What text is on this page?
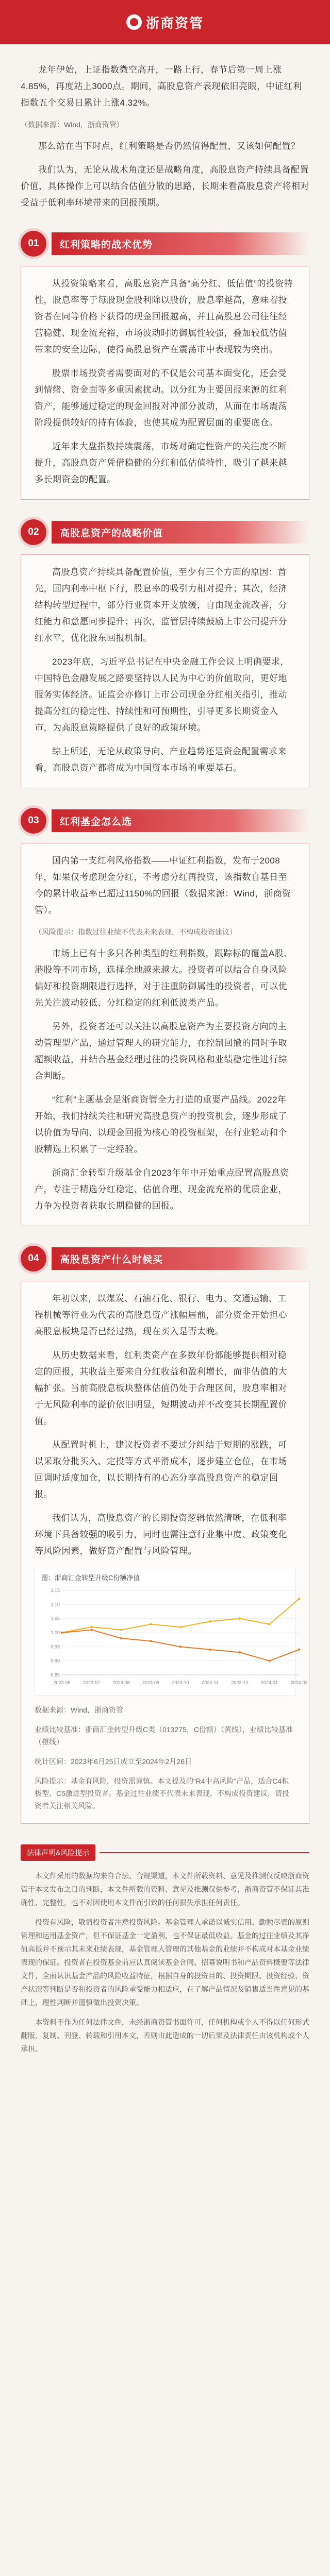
浙商资管

龙年伊始，上证指数微空高开，一路上行，春节后第一周上涨4.85%，再度站上3000点。期间，高股息资产表现依旧亮眼，中证红利指数五个交易日累计上涨4.32%。

（数据来源：Wind，浙商资管）

那么站在当下时点，红利策略是否仍然值得配置，又该如何配置？

我们认为，无论从战术角度还是战略角度，高股息资产持续具备配置价值，具体操作上可以结合估值分散的思路，长期来看高股息资产将相对受益于低利率环境带来的回报预期。

01	红利策略的战术优势

从投资策略来看，高股息资产具备“高分红、低估值”的投资特性，股息率等于每股现金股利除以股价，股息率越高，意味着投资者在同等价格下获得的现金回报越高，并且高股息公司往往经营稳健、现金流充裕，市场波动时防御属性较强，叠加较低估值带来的安全边际，使得高股息资产在震荡市中表现较为突出。

股票市场投资者需要面对的不仅是公司基本面变化，还会受到情绪、资金面等多重因素扰动。以分红为主要回报来源的红利资产，能够通过稳定的现金回报对冲部分波动，从而在市场震荡阶段提供较好的持有体验，也使其成为配置层面的重要底仓。

近年来大盘指数持续震荡，市场对确定性资产的关注度不断提升，高股息资产凭借稳健的分红和低估值特性，吸引了越来越多长期资金的配置。

02	高股息资产的战略价值

高股息资产持续具备配置价值，至少有三个方面的原因：首先，国内利率中枢下行，股息率的吸引力相对提升；其次，经济结构转型过程中，部分行业资本开支放缓，自由现金流改善，分红能力和意愿同步提升；再次，监管层持续鼓励上市公司提升分红水平，优化股东回报机制。

2023年底，习近平总书记在中央金融工作会议上明确要求，中国特色金融发展之路要坚持以人民为中心的价值取向，更好地服务实体经济。证监会亦修订上市公司现金分红相关指引，推动提高分红的稳定性、持续性和可预期性，引导更多长期资金入市，为高股息策略提供了良好的政策环境。

综上所述，无论从政策导向、产业趋势还是资金配置需求来看，高股息资产都将成为中国资本市场的重要基石。

03	红利基金怎么选

国内第一支红利风格指数——中证红利指数，发布于2008年，如果仅考虑现金分红，不考虑分红再投资，该指数自基日至今的累计收益率已超过1150%的回报（数据来源：Wind，浙商资管）。

（风险提示：指数过往业绩不代表未来表现，不构成投资建议）

市场上已有十多只各种类型的红利指数，跟踪标的覆盖A股、港股等不同市场，选择余地越来越大。投资者可以结合自身风险偏好和投资期限进行选择，对于注重防御属性的投资者，可以优先关注波动较低、分红稳定的红利低波类产品。

另外，投资者还可以关注以高股息资产为主要投资方向的主动管理型产品，通过管理人的研究能力，在控制回撤的同时争取超额收益，并结合基金经理过往的投资风格和业绩稳定性进行综合判断。

“红利”主题基金是浙商资管全力打造的重要产品线。2022年开始，我们持续关注和研究高股息资产的投资机会，逐步形成了以价值为导向、以现金回报为核心的投资框架，在行业轮动和个股精选上积累了一定经验。

浙商汇金转型升级基金自2023年年中开始重点配置高股息资产，专注于精选分红稳定、估值合理、现金流充裕的优质企业，力争为投资者获取长期稳健的回报。

04	高股息资产什么时候买

年初以来，以煤炭、石油石化、银行、电力、交通运输、工程机械等行业为代表的高股息资产涨幅居前，部分资金开始担心高股息板块是否已经过热，现在买入是否太晚。

从历史数据来看，红利类资产在多数年份都能够提供相对稳定的回报，其收益主要来自分红收益和盈利增长，而非估值的大幅扩张。当前高股息板块整体估值仍处于合理区间，股息率相对于无风险利率的溢价依旧明显，短期波动并不改变其长期配置价值。

从配置时机上，建议投资者不要过分纠结于短期的涨跌，可以采取分批买入、定投等方式平滑成本，逐步建立仓位，在市场回调时适度加仓，以长期持有的心态分享高股息资产的稳定回报。

我们认为，高股息资产的长期投资逻辑依然清晰，在低利率环境下具备较强的吸引力，同时也需注意行业集中度、政策变化等风险因素，做好资产配置与风险管理。

图：浙商汇金转型升级C份额净值
0.85
0.90
0.95
1.00
1.05
1.10
1.15
2023-06	2023-07	2023-08	2023-09	2023-10	2023-11	2023-12	2024-01	2024-02

数据来源：Wind，浙商资管

业绩比较基准：浙商汇金转型升级C类（013275，C份额）（黄线），业绩比较基准（橙线）

统计区间：2023年6月25日成立至2024年2月26日

风险提示：基金有风险，投资需谨慎。本文提及的“R4中高风险”产品，适合C4积极型、C5激进型投资者。基金过往业绩不代表未来表现，不构成投资建议，请投资者关注相关风险。

法律声明&风险提示

本文件采用的数据均来自合法、合规渠道，本文件所载资料、意见及推测仅反映浙商资管于本文发布之日的判断，本文件所载的资料、意见及推测仅供参考，浙商资管不保证其准确性、完整性，也不对因使用本文件而引致的任何损失承担任何责任。

投资有风险，敬请投资者注意投资风险。基金管理人承诺以诚实信用、勤勉尽责的原则管理和运用基金资产，但不保证基金一定盈利，也不保证最低收益。基金的过往业绩及其净值高低并不预示其未来业绩表现，基金管理人管理的其他基金的业绩并不构成对本基金业绩表现的保证。投资者在投资基金前应认真阅读基金合同、招募说明书和产品资料概要等法律文件，全面认识基金产品的风险收益特征，根据自身的投资目的、投资期限、投资经验、资产状况等判断是否和投资者的风险承受能力相适应，在了解产品情况及销售适当性意见的基础上，理性判断并谨慎做出投资决策。

本资料不作为任何法律文件，未经浙商资管书面许可，任何机构或个人不得以任何形式翻版、复制、刊登、转载和引用本文，否则由此造成的一切后果及法律责任由该机构或个人承担。
